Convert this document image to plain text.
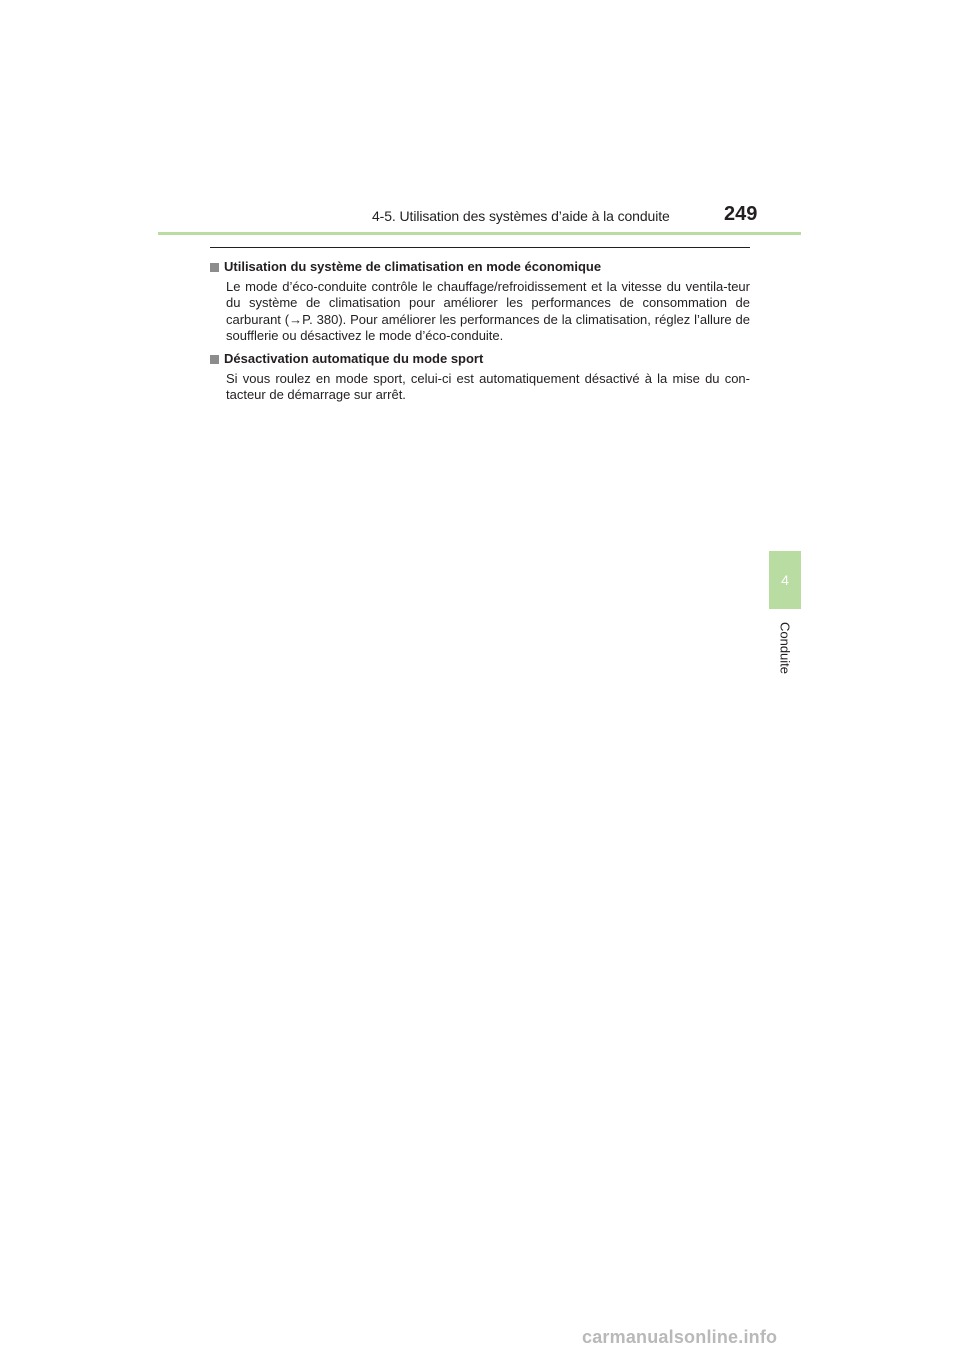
4-5. Utilisation des systèmes d’aide à la conduite	249
Utilisation du système de climatisation en mode économique

Le mode d’éco-conduite contrôle le chauffage/refroidissement et la vitesse du ventila-teur du système de climatisation pour améliorer les performances de consommation de carburant (→P. 380). Pour améliorer les performances de la climatisation, réglez l’allure de soufflerie ou désactivez le mode d’éco-conduite.

Désactivation automatique du mode sport

Si vous roulez en mode sport, celui-ci est automatiquement désactivé à la mise du con-tacteur de démarrage sur arrêt.

4
Conduite
carmanualsonline.info
